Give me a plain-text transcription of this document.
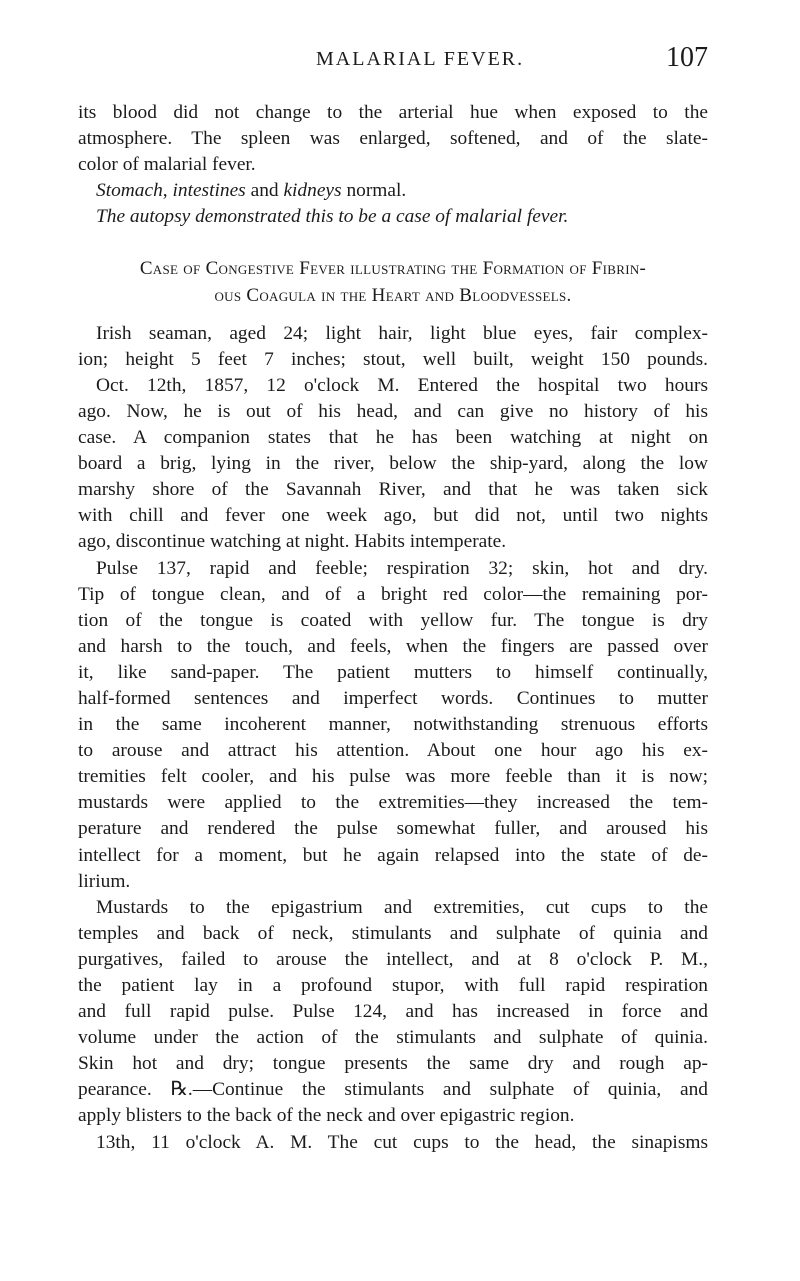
MALARIAL FEVER.	107
its blood did not change to the arterial hue when exposed to the
atmosphere. The spleen was enlarged, softened, and of the slate-
color of malarial fever.
Stomach, intestines and kidneys normal.
The autopsy demonstrated this to be a case of malarial fever.
Case of Congestive Fever illustrating the Formation of Fibrin-
ous Coagula in the Heart and Bloodvessels.
Irish seaman, aged 24; light hair, light blue eyes, fair complex-
ion; height 5 feet 7 inches; stout, well built, weight 150 pounds.
Oct. 12th, 1857, 12 o'clock M. Entered the hospital two hours
ago. Now, he is out of his head, and can give no history of his
case. A companion states that he has been watching at night on
board a brig, lying in the river, below the ship-yard, along the low
marshy shore of the Savannah River, and that he was taken sick
with chill and fever one week ago, but did not, until two nights
ago, discontinue watching at night. Habits intemperate.
Pulse 137, rapid and feeble; respiration 32; skin, hot and dry.
Tip of tongue clean, and of a bright red color—the remaining por-
tion of the tongue is coated with yellow fur. The tongue is dry
and harsh to the touch, and feels, when the fingers are passed over
it, like sand-paper. The patient mutters to himself continually,
half-formed sentences and imperfect words. Continues to mutter
in the same incoherent manner, notwithstanding strenuous efforts
to arouse and attract his attention. About one hour ago his ex-
tremities felt cooler, and his pulse was more feeble than it is now;
mustards were applied to the extremities—they increased the tem-
perature and rendered the pulse somewhat fuller, and aroused his
intellect for a moment, but he again relapsed into the state of de-
lirium.
Mustards to the epigastrium and extremities, cut cups to the
temples and back of neck, stimulants and sulphate of quinia and
purgatives, failed to arouse the intellect, and at 8 o'clock P. M.,
the patient lay in a profound stupor, with full rapid respiration
and full rapid pulse. Pulse 124, and has increased in force and
volume under the action of the stimulants and sulphate of quinia.
Skin hot and dry; tongue presents the same dry and rough ap-
pearance. ℞.—Continue the stimulants and sulphate of quinia, and
apply blisters to the back of the neck and over epigastric region.
13th, 11 o'clock A. M. The cut cups to the head, the sinapisms
